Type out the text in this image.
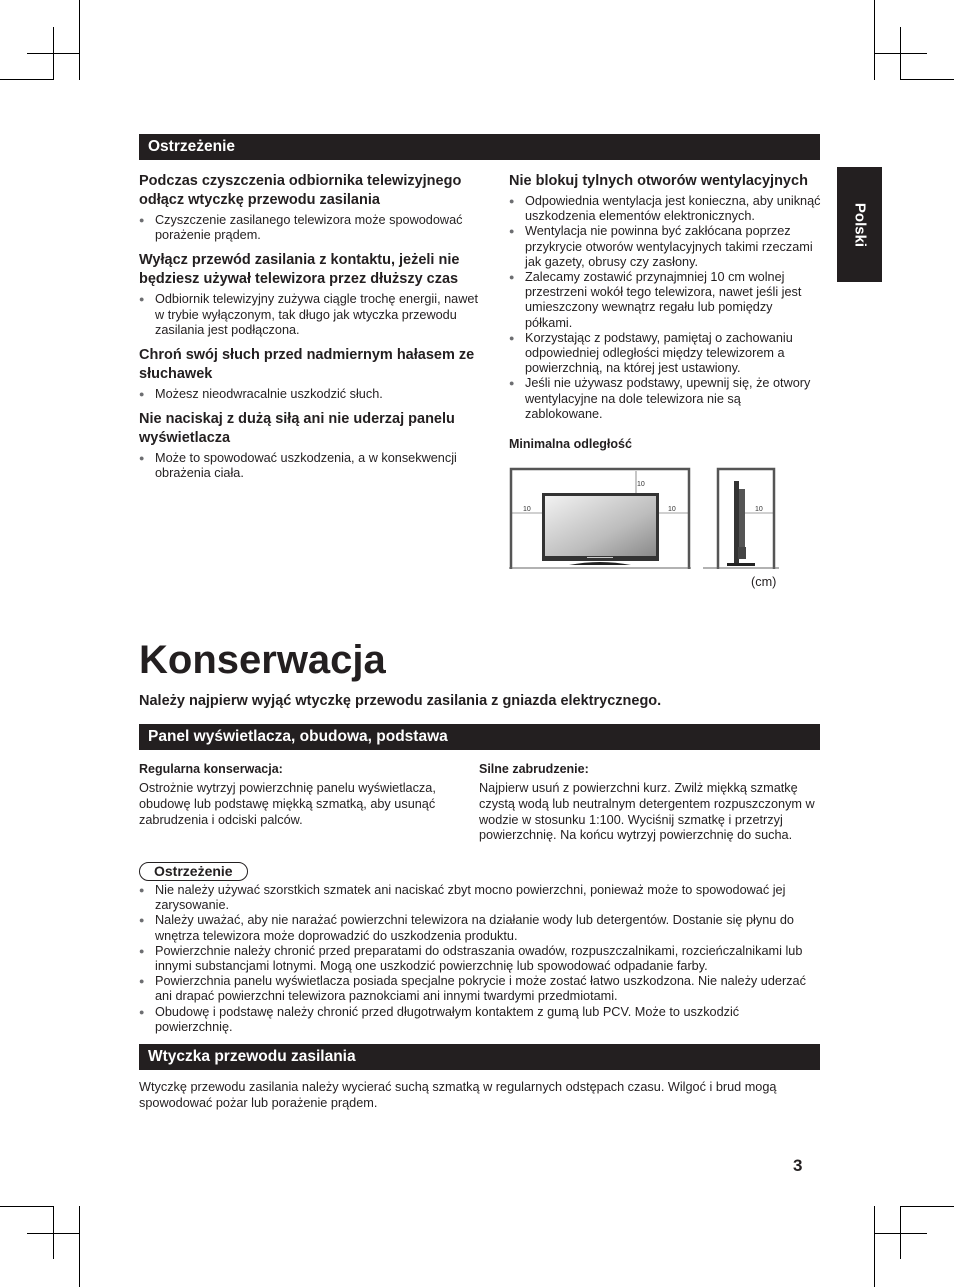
Polski
Ostrzeżenie
Podczas czyszczenia odbiornika telewizyjnego odłącz wtyczkę przewodu zasilania
● Czyszczenie zasilanego telewizora może spowodować porażenie prądem.
Wyłącz przewód zasilania z kontaktu, jeżeli nie będziesz używał telewizora przez dłuższy czas
● Odbiornik telewizyjny zużywa ciągle trochę energii, nawet w trybie wyłączonym, tak długo jak wtyczka przewodu zasilania jest podłączona.
Chroń swój słuch przed nadmiernym hałasem ze słuchawek
● Możesz nieodwracalnie uszkodzić słuch.
Nie naciskaj z dużą siłą ani nie uderzaj panelu wyświetlacza
● Może to spowodować uszkodzenia, a w konsekwencji obrażenia ciała.
Nie blokuj tylnych otworów wentylacyjnych
● Odpowiednia wentylacja jest konieczna, aby uniknąć uszkodzenia elementów elektronicznych.
● Wentylacja nie powinna być zakłócana poprzez przykrycie otworów wentylacyjnych takimi rzeczami jak gazety, obrusy czy zasłony.
● Zalecamy zostawić przynajmniej 10 cm wolnej przestrzeni wokół tego telewizora, nawet jeśli jest umieszczony wewnątrz regału lub pomiędzy półkami.
● Korzystając z podstawy, pamiętaj o zachowaniu odpowiedniej odległości między telewizorem a powierzchnią, na której jest ustawiony.
● Jeśli nie używasz podstawy, upewnij się, że otwory wentylacyjne na dole telewizora nie są zablokowane.
Minimalna odległość
10
10	10	10
(cm)
Konserwacja
Należy najpierw wyjąć wtyczkę przewodu zasilania z gniazda elektrycznego.
Panel wyświetlacza, obudowa, podstawa
Regularna konserwacja:
Ostrożnie wytrzyj powierzchnię panelu wyświetlacza, obudowę lub podstawę miękką szmatką, aby usunąć zabrudzenia i odciski palców.
Silne zabrudzenie:
Najpierw usuń z powierzchni kurz. Zwilż miękką szmatkę czystą wodą lub neutralnym detergentem rozpuszczonym w wodzie w stosunku 1:100. Wyciśnij szmatkę i przetrzyj powierzchnię. Na końcu wytrzyj powierzchnię do sucha.
Ostrzeżenie
● Nie należy używać szorstkich szmatek ani naciskać zbyt mocno powierzchni, ponieważ może to spowodować jej zarysowanie.
● Należy uważać, aby nie narażać powierzchni telewizora na działanie wody lub detergentów. Dostanie się płynu do wnętrza telewizora może doprowadzić do uszkodzenia produktu.
● Powierzchnie należy chronić przed preparatami do odstraszania owadów, rozpuszczalnikami, rozcieńczalnikami lub innymi substancjami lotnymi. Mogą one uszkodzić powierzchnię lub spowodować odpadanie farby.
● Powierzchnia panelu wyświetlacza posiada specjalne pokrycie i może zostać łatwo uszkodzona. Nie należy uderzać ani drapać powierzchni telewizora paznokciami ani innymi twardymi przedmiotami.
● Obudowę i podstawę należy chronić przed długotrwałym kontaktem z gumą lub PCV. Może to uszkodzić powierzchnię.
Wtyczka przewodu zasilania
Wtyczkę przewodu zasilania należy wycierać suchą szmatką w regularnych odstępach czasu. Wilgoć i brud mogą spowodować pożar lub porażenie prądem.
3
